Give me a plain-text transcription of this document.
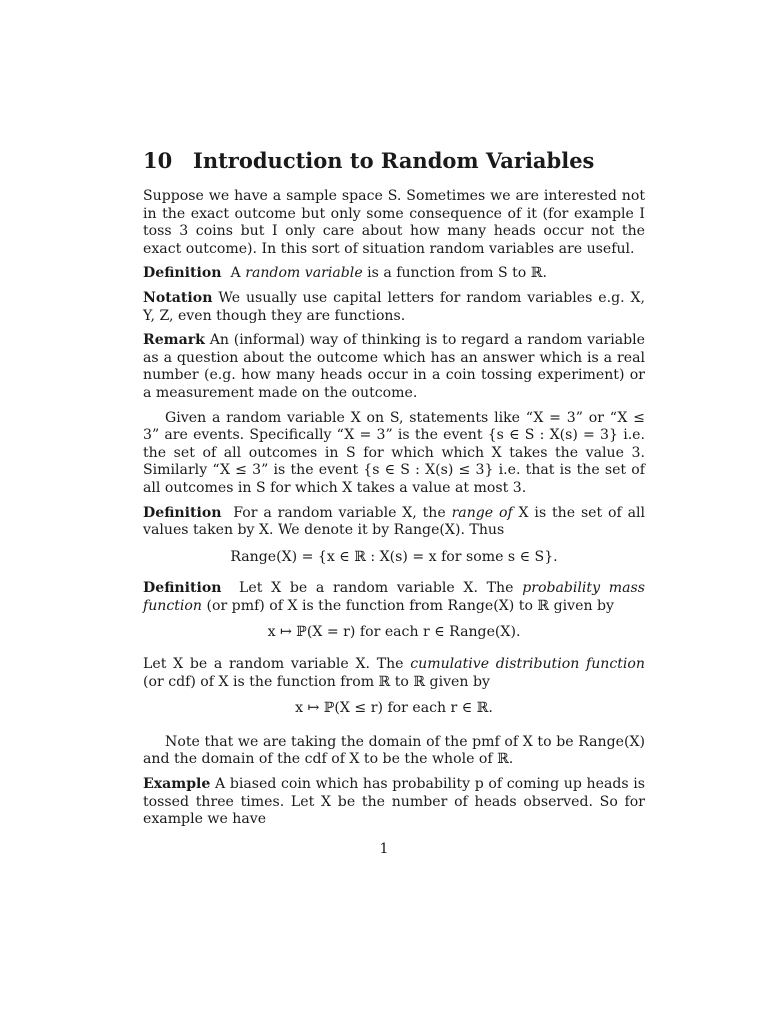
10 Introduction to Random Variables

Suppose we have a sample space S. Sometimes we are interested not in the exact outcome but only some consequence of it (for example I toss 3 coins but I only care about how many heads occur not the exact outcome). In this sort of situation random variables are useful.

Definition A random variable is a function from S to ℝ.

Notation We usually use capital letters for random variables e.g. X, Y, Z, even though they are functions.

Remark An (informal) way of thinking is to regard a random variable as a question about the outcome which has an answer which is a real number (e.g. how many heads occur in a coin tossing experiment) or a measurement made on the outcome.

Given a random variable X on S, statements like “X = 3” or “X ≤ 3” are events. Specifically “X = 3” is the event {s ∈ S : X(s) = 3} i.e. the set of all outcomes in S for which which X takes the value 3. Similarly “X ≤ 3” is the event {s ∈ S : X(s) ≤ 3} i.e. that is the set of all outcomes in S for which X takes a value at most 3.

Definition For a random variable X, the range of X is the set of all values taken by X. We denote it by Range(X). Thus

Range(X) = {x ∈ ℝ : X(s) = x for some s ∈ S}.

Definition Let X be a random variable X. The probability mass function (or pmf) of X is the function from Range(X) to ℝ given by

x ↦ ℙ(X = r) for each r ∈ Range(X).

Let X be a random variable X. The cumulative distribution function (or cdf) of X is the function from ℝ to ℝ given by

x ↦ ℙ(X ≤ r) for each r ∈ ℝ.

Note that we are taking the domain of the pmf of X to be Range(X) and the domain of the cdf of X to be the whole of ℝ.

Example A biased coin which has probability p of coming up heads is tossed three times. Let X be the number of heads observed. So for example we have

1
